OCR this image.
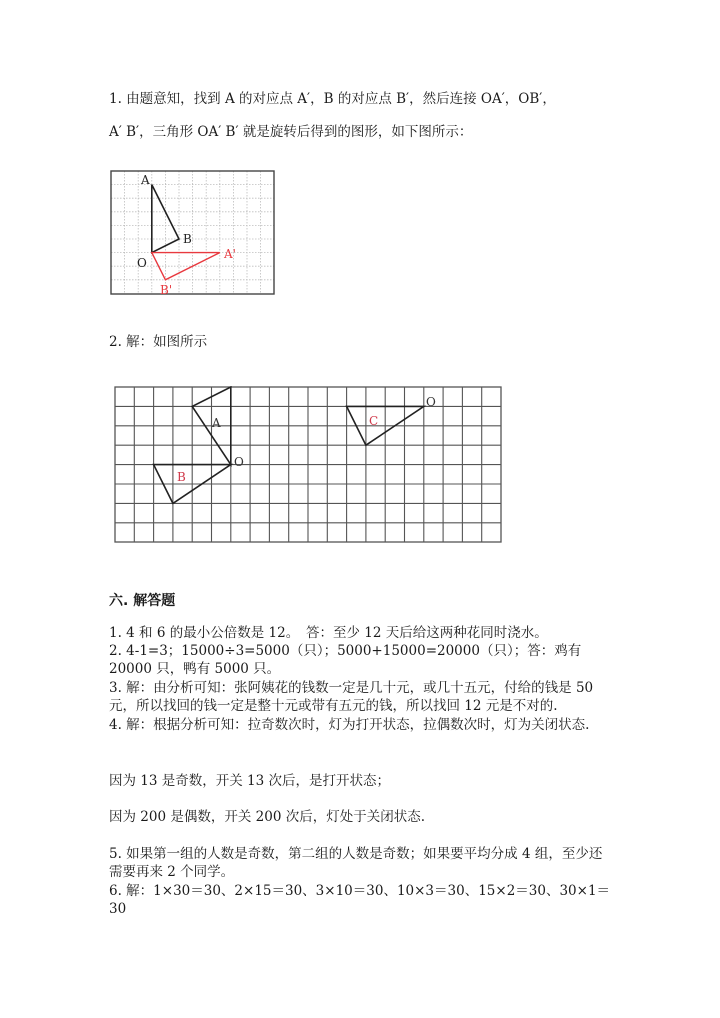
1. 由题意知，找到 A 的对应点 A′，B 的对应点 B′，然后连接 OA′，OB′，
A′ B′，三角形 OA′ B′ 就是旋转后得到的图形，如下图所示：
A
B
O
A'
B'
2. 解：如图所示
A
O
B
C
O
六. 解答题
1. 4 和 6 的最小公倍数是 12。　答：至少 12 天后给这两种花同时浇水。
2. 4-1=3；15000÷3=5000（只）；5000+15000=20000（只）；答：鸡有 20000 只，鸭有 5000 只。
3. 解：由分析可知：张阿姨花的钱数一定是几十元，或几十五元，付给的钱是 50 元，所以找回的钱一定是整十元或带有五元的钱，所以找回 12 元是不对的.
4. 解：根据分析可知：拉奇数次时，灯为打开状态，拉偶数次时，灯为关闭状态.
因为 13 是奇数，开关 13 次后，是打开状态；
因为 200 是偶数，开关 200 次后，灯处于关闭状态.
5. 如果第一组的人数是奇数，第二组的人数是奇数；如果要平均分成 4 组，至少还需要再来 2 个同学。
6. 解：1×30＝30、2×15＝30、3×10＝30、10×3＝30、15×2＝30、30×1＝30
